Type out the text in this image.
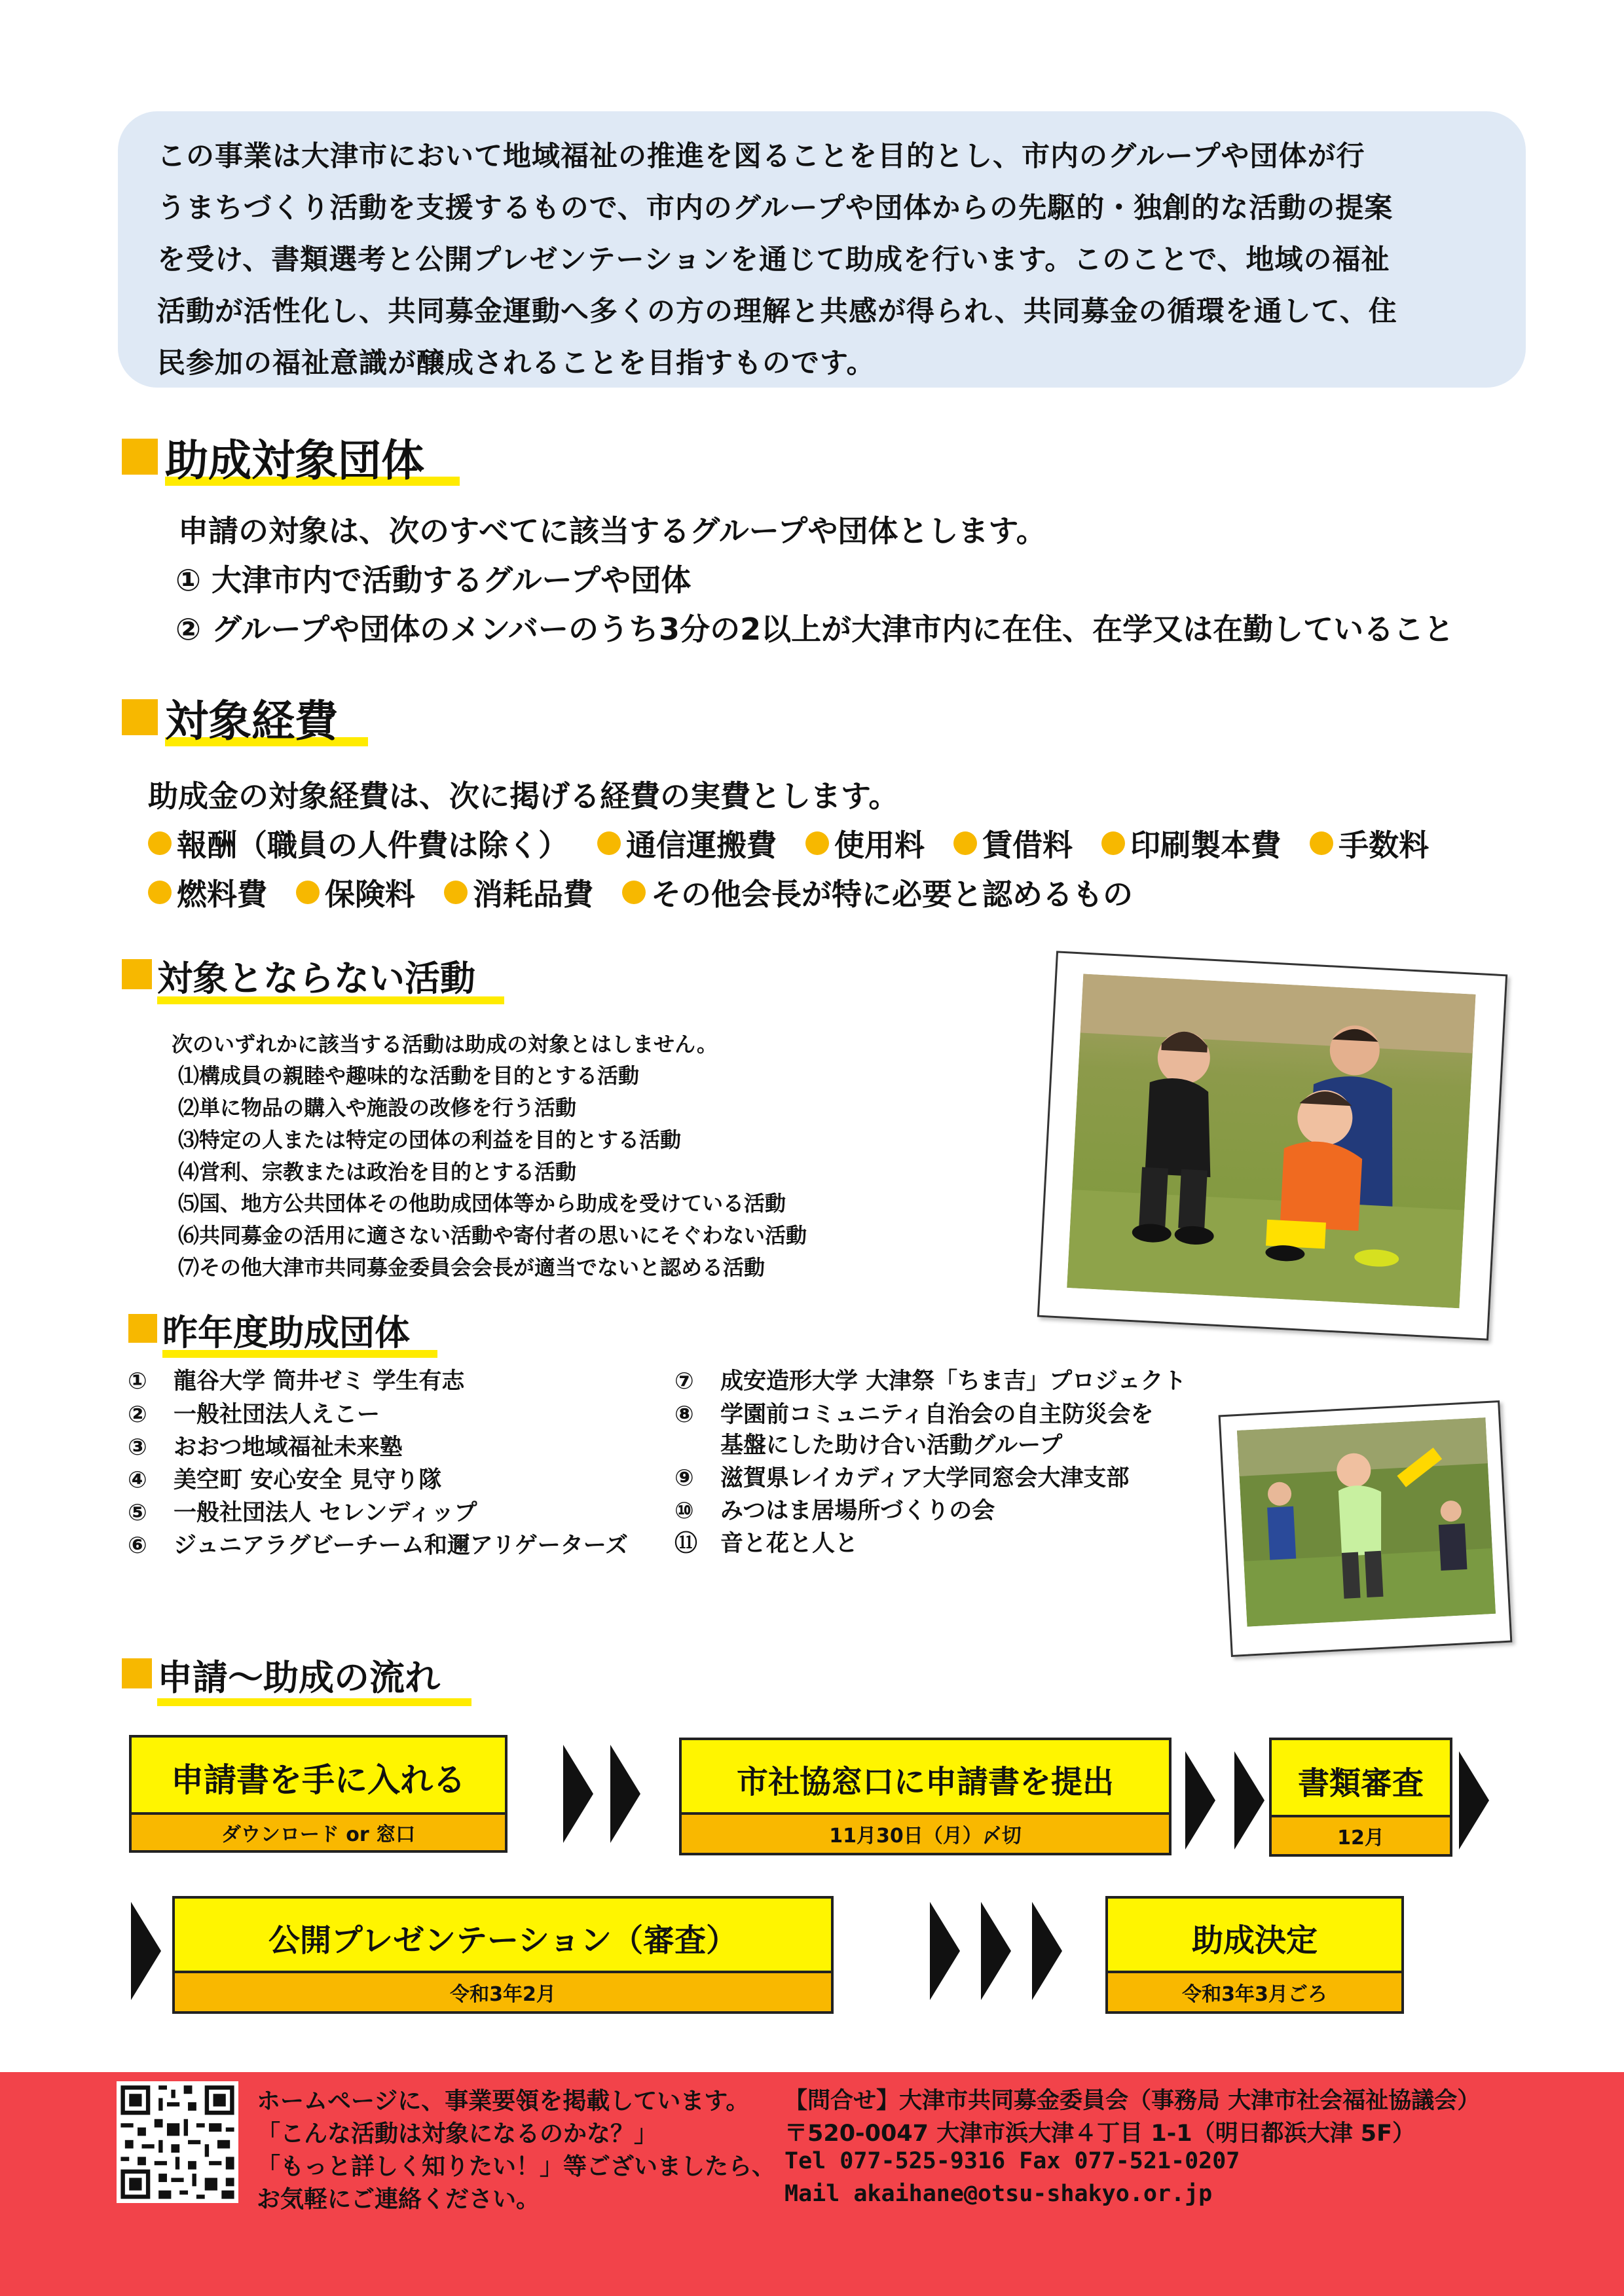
この事業は大津市において地域福祉の推進を図ることを目的とし、市内のグループや団体が行
うまちづくり活動を支援するもので、市内のグループや団体からの先駆的・独創的な活動の提案
を受け、書類選考と公開プレゼンテーションを通じて助成を行います。このことで、地域の福祉
活動が活性化し、共同募金運動へ多くの方の理解と共感が得られ、共同募金の循環を通して、住
民参加の福祉意識が醸成されることを目指すものです。
助成対象団体
申請の対象は、次のすべてに該当するグループや団体とします。
① 大津市内で活動するグループや団体
② グループや団体のメンバーのうち3分の2以上が大津市内に在住、在学又は在勤していること
対象経費
助成金の対象経費は、次に掲げる経費の実費とします。
報酬（職員の人件費は除く）
通信運搬費
使用料
賃借料
印刷製本費
手数料
燃料費
保険料
消耗品費
その他会長が特に必要と認めるもの
対象とならない活動
次のいずれかに該当する活動は助成の対象とはしません。
⑴構成員の親睦や趣味的な活動を目的とする活動
⑵単に物品の購入や施設の改修を行う活動
⑶特定の人または特定の団体の利益を目的とする活動
⑷営利、宗教または政治を目的とする活動
⑸国、地方公共団体その他助成団体等から助成を受けている活動
⑹共同募金の活用に適さない活動や寄付者の思いにそぐわない活動
⑺その他大津市共同募金委員会会長が適当でないと認める活動
昨年度助成団体
① 龍谷大学 筒井ゼミ 学生有志
② 一般社団法人えこー
③ おおつ地域福祉未来塾
④ 美空町 安心安全 見守り隊
⑤ 一般社団法人 セレンディップ
⑥ ジュニアラグビーチーム和邇アリゲーターズ
⑦ 成安造形大学 大津祭「ちま吉」プロジェクト
⑧ 学園前コミュニティ自治会の自主防災会を
基盤にした助け合い活動グループ
⑨ 滋賀県レイカディア大学同窓会大津支部
⑩ みつはま居場所づくりの会
⑪ 音と花と人と
申請～助成の流れ
申請書を手に入れる
ダウンロード or 窓口
市社協窓口に申請書を提出
11月30日（月）〆切
書類審査
12月
公開プレゼンテーション（審査）
令和3年2月
助成決定
令和3年3月ごろ
ホームページに、事業要領を掲載しています。
「こんな活動は対象になるのかな？」
「もっと詳しく知りたい！」等ございましたら、
お気軽にご連絡ください。
【問合せ】大津市共同募金委員会（事務局 大津市社会福祉協議会）
〒520-0047 大津市浜大津４丁目 1-1（明日都浜大津 5F）
Tel 077-525-9316 Fax 077-521-0207
Mail akaihane@otsu-shakyo.or.jp
